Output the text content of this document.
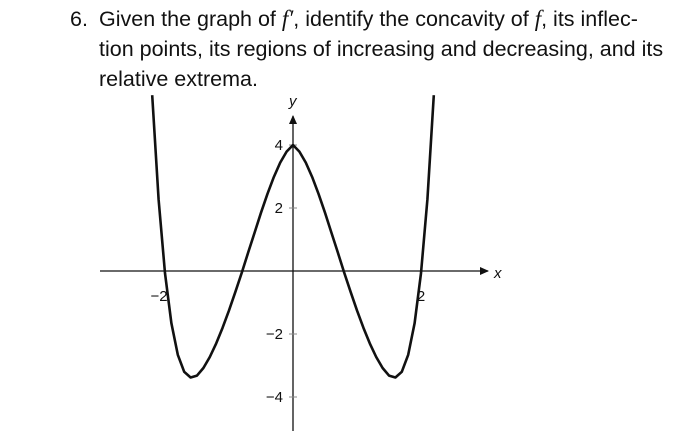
6. Given the graph of f′, identify the concavity of f, its inflec-
tion points, its regions of increasing and decreasing, and its
relative extrema.
−2	2
4
2
−2
−4
x
y
